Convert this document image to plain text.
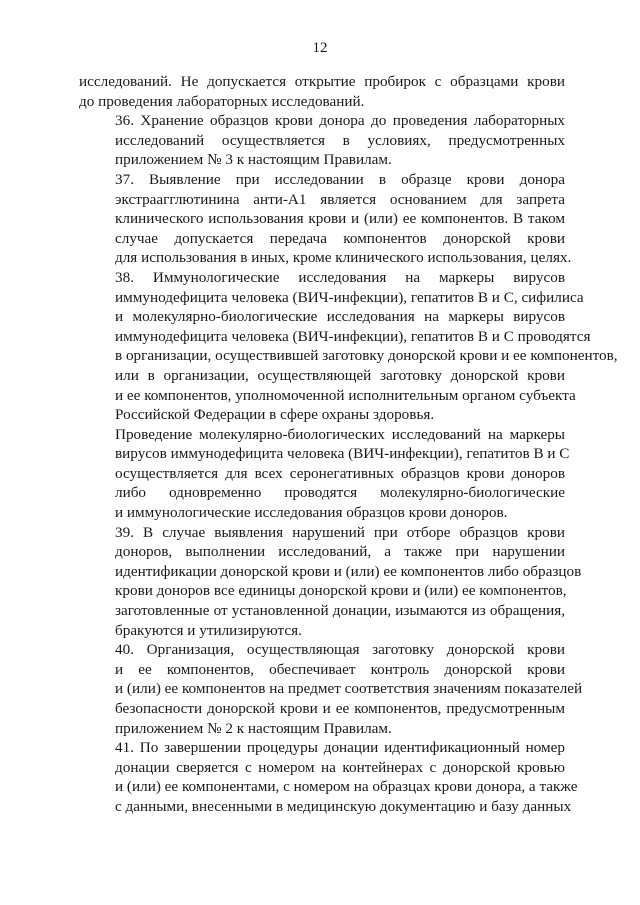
12
исследований. Не допускается открытие пробирок с образцами крови
до проведения лабораторных исследований.
36. Хранение образцов крови донора до проведения лабораторных
исследований осуществляется в условиях, предусмотренных
приложением № 3 к настоящим Правилам.
37. Выявление при исследовании в образце крови донора
экстраагглютинина анти-А1 является основанием для запрета
клинического использования крови и (или) ее компонентов. В таком
случае допускается передача компонентов донорской крови
для использования в иных, кроме клинического использования, целях.
38. Иммунологические исследования на маркеры вирусов
иммунодефицита человека (ВИЧ-инфекции), гепатитов В и С, сифилиса
и молекулярно-биологические исследования на маркеры вирусов
иммунодефицита человека (ВИЧ-инфекции), гепатитов В и С проводятся
в организации, осуществившей заготовку донорской крови и ее компонентов,
или в организации, осуществляющей заготовку донорской крови
и ее компонентов, уполномоченной исполнительным органом субъекта
Российской Федерации в сфере охраны здоровья.
Проведение молекулярно-биологических исследований на маркеры
вирусов иммунодефицита человека (ВИЧ-инфекции), гепатитов В и С
осуществляется для всех серонегативных образцов крови доноров
либо одновременно проводятся молекулярно-биологические
и иммунологические исследования образцов крови доноров.
39. В случае выявления нарушений при отборе образцов крови
доноров, выполнении исследований, а также при нарушении
идентификации донорской крови и (или) ее компонентов либо образцов
крови доноров все единицы донорской крови и (или) ее компонентов,
заготовленные от установленной донации, изымаются из обращения,
бракуются и утилизируются.
40. Организация, осуществляющая заготовку донорской крови
и ее компонентов, обеспечивает контроль донорской крови
и (или) ее компонентов на предмет соответствия значениям показателей
безопасности донорской крови и ее компонентов, предусмотренным
приложением № 2 к настоящим Правилам.
41. По завершении процедуры донации идентификационный номер
донации сверяется с номером на контейнерах с донорской кровью
и (или) ее компонентами, с номером на образцах крови донора, а также
с данными, внесенными в медицинскую документацию и базу данных
